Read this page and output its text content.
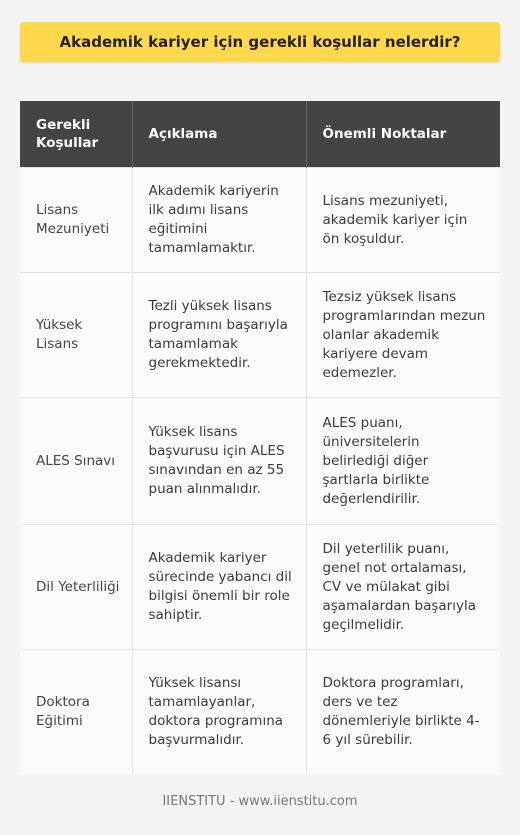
Akademik kariyer için gerekli koşullar nelerdir?
Gerekli Koşullar	Açıklama	Önemli Noktalar
Lisans Mezuniyeti	Akademik kariyerin ilk adımı lisans eğitimini tamamlamaktır.	Lisans mezuniyeti, akademik kariyer için ön koşuldur.
Yüksek Lisans	Tezli yüksek lisans programını başarıyla tamamlamak gerekmektedir.	Tezsiz yüksek lisans programlarından mezun olanlar akademik kariyere devam edemezler.
ALES Sınavı	Yüksek lisans başvurusu için ALES sınavından en az 55 puan alınmalıdır.	ALES puanı, üniversitelerin belirlediği diğer şartlarla birlikte değerlendirilir.
Dil Yeterliliği	Akademik kariyer sürecinde yabancı dil bilgisi önemli bir role sahiptir.	Dil yeterlilik puanı, genel not ortalaması, CV ve mülakat gibi aşamalardan başarıyla geçilmelidir.
Doktora Eğitimi	Yüksek lisansı tamamlayanlar, doktora programına başvurmalıdır.	Doktora programları, ders ve tez dönemleriyle birlikte 4-6 yıl sürebilir.
IIENSTITU - www.iienstitu.com
